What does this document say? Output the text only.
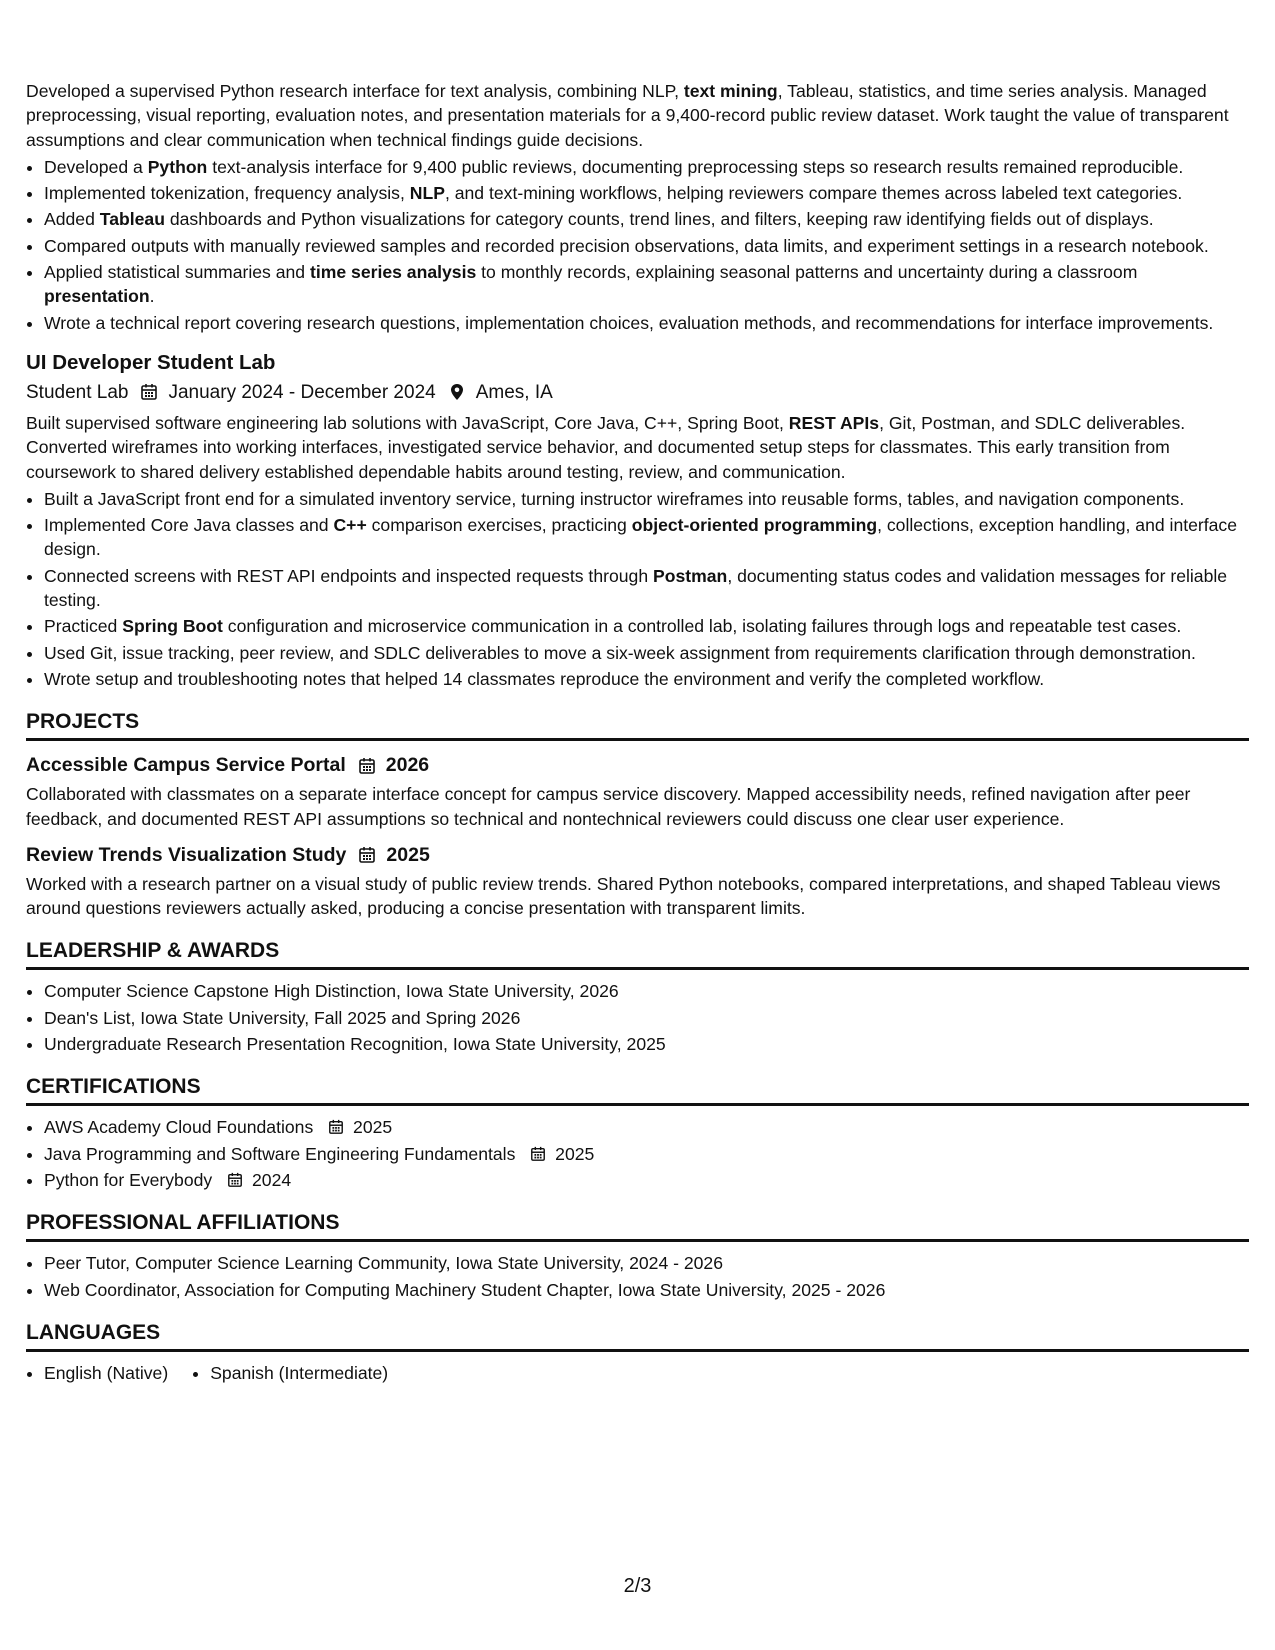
Developed a supervised Python research interface for text analysis, combining NLP, text mining, Tableau, statistics, and time series analysis. Managed preprocessing, visual reporting, evaluation notes, and presentation materials for a 9,400-record public review dataset. Work taught the value of transparent assumptions and clear communication when technical findings guide decisions.

• Developed a Python text-analysis interface for 9,400 public reviews, documenting preprocessing steps so research results remained reproducible.
• Implemented tokenization, frequency analysis, NLP, and text-mining workflows, helping reviewers compare themes across labeled text categories.
• Added Tableau dashboards and Python visualizations for category counts, trend lines, and filters, keeping raw identifying fields out of displays.
• Compared outputs with manually reviewed samples and recorded precision observations, data limits, and experiment settings in a research notebook.
• Applied statistical summaries and time series analysis to monthly records, explaining seasonal patterns and uncertainty during a classroom presentation.
• Wrote a technical report covering research questions, implementation choices, evaluation methods, and recommendations for interface improvements.
UI Developer Student Lab
Student Lab January 2024 - December 2024 Ames, IA

Built supervised software engineering lab solutions with JavaScript, Core Java, C++, Spring Boot, REST APIs, Git, Postman, and SDLC deliverables. Converted wireframes into working interfaces, investigated service behavior, and documented setup steps for classmates. This early transition from coursework to shared delivery established dependable habits around testing, review, and communication.

• Built a JavaScript front end for a simulated inventory service, turning instructor wireframes into reusable forms, tables, and navigation components.
• Implemented Core Java classes and C++ comparison exercises, practicing object-oriented programming, collections, exception handling, and interface design.
• Connected screens with REST API endpoints and inspected requests through Postman, documenting status codes and validation messages for reliable testing.
• Practiced Spring Boot configuration and microservice communication in a controlled lab, isolating failures through logs and repeatable test cases.
• Used Git, issue tracking, peer review, and SDLC deliverables to move a six-week assignment from requirements clarification through demonstration.
• Wrote setup and troubleshooting notes that helped 14 classmates reproduce the environment and verify the completed workflow.
PROJECTS
Accessible Campus Service Portal 2026

Collaborated with classmates on a separate interface concept for campus service discovery. Mapped accessibility needs, refined navigation after peer feedback, and documented REST API assumptions so technical and nontechnical reviewers could discuss one clear user experience.

Review Trends Visualization Study 2025

Worked with a research partner on a visual study of public review trends. Shared Python notebooks, compared interpretations, and shaped Tableau views around questions reviewers actually asked, producing a concise presentation with transparent limits.

LEADERSHIP & AWARDS
• Computer Science Capstone High Distinction, Iowa State University, 2026
• Dean's List, Iowa State University, Fall 2025 and Spring 2026
• Undergraduate Research Presentation Recognition, Iowa State University, 2025
CERTIFICATIONS
• AWS Academy Cloud Foundations 2025
• Java Programming and Software Engineering Fundamentals 2025
• Python for Everybody 2024
PROFESSIONAL AFFILIATIONS
• Peer Tutor, Computer Science Learning Community, Iowa State University, 2024 - 2026
• Web Coordinator, Association for Computing Machinery Student Chapter, Iowa State University, 2025 - 2026
LANGUAGES
• English (Native)
• Spanish (Intermediate)
2/3
